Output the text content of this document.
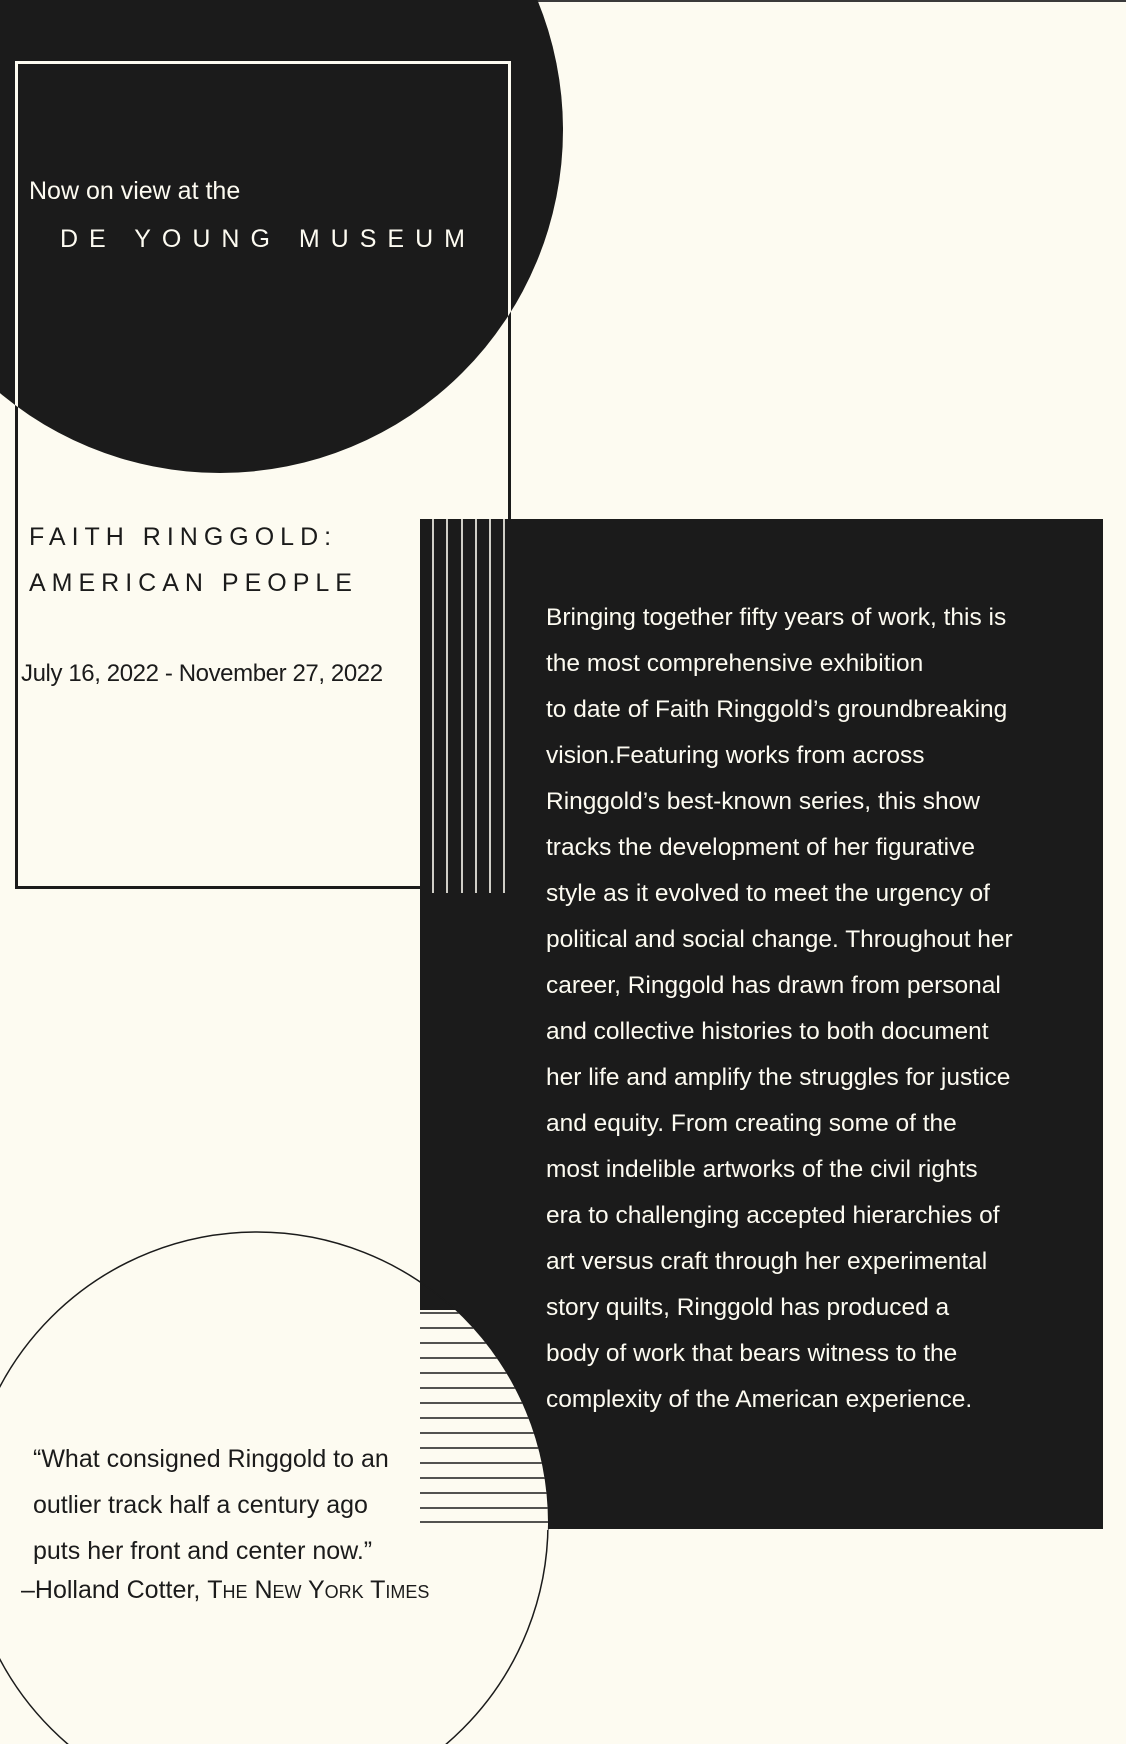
Now on view at the
DE YOUNG MUSEUM
FAITH RINGGOLD:
AMERICAN PEOPLE
July 16, 2022 - November 27, 2022

Bringing together fifty years of work, this is
the most comprehensive exhibition
to date of Faith Ringgold’s groundbreaking
vision.Featuring works from across
Ringgold’s best-known series, this show
tracks the development of her figurative
style as it evolved to meet the urgency of
political and social change. Throughout her
career, Ringgold has drawn from personal
and collective histories to both document
her life and amplify the struggles for justice
and equity. From creating some of the
most indelible artworks of the civil rights
era to challenging accepted hierarchies of
art versus craft through her experimental
story quilts, Ringgold has produced a
body of work that bears witness to the
complexity of the American experience.

“What consigned Ringgold to an
outlier track half a century ago
puts her front and center now.”

–Holland Cotter, The New York Times
